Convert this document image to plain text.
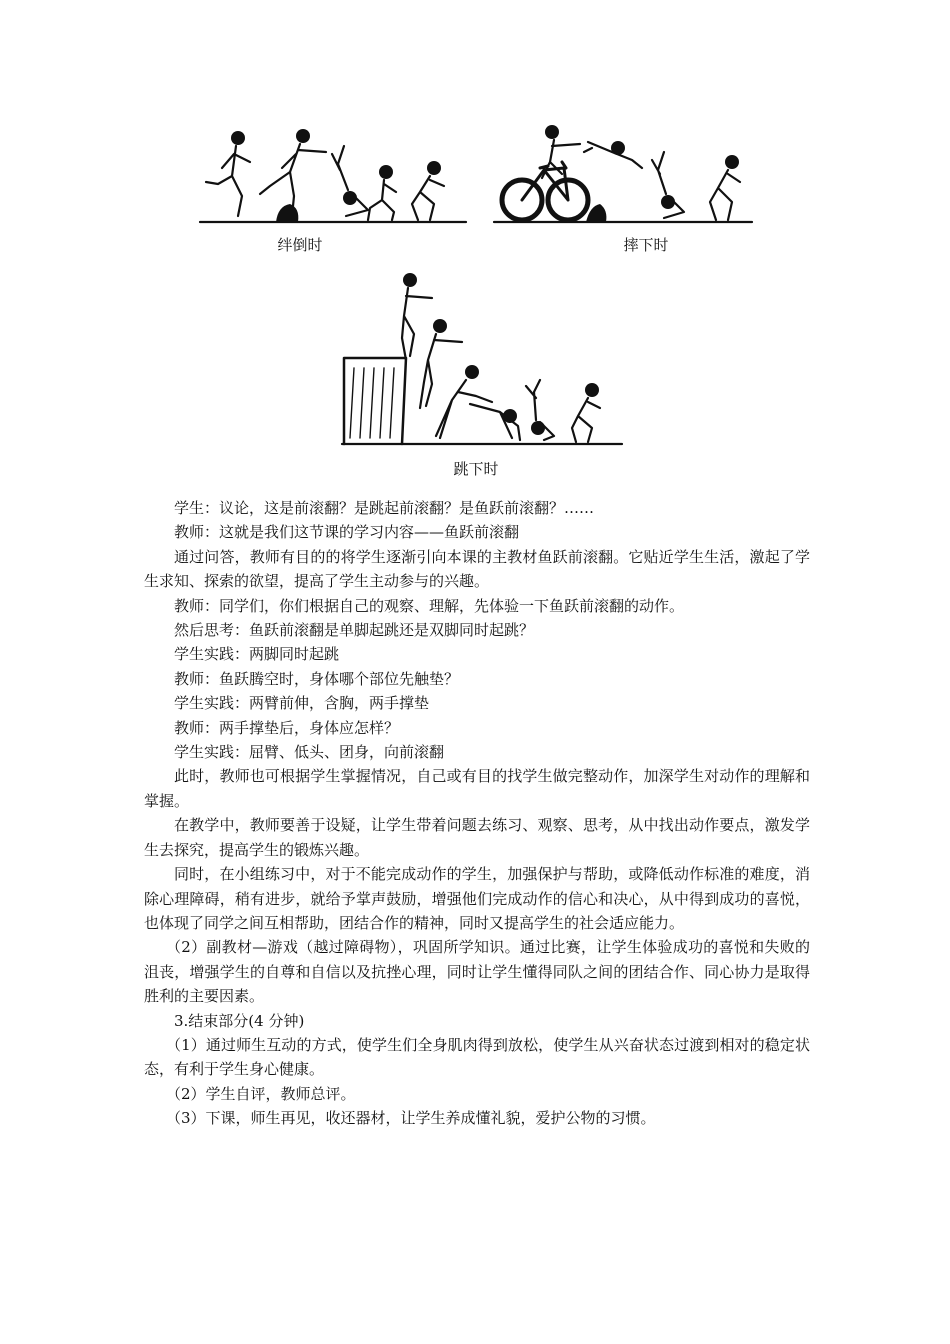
绊倒时	摔下时
跳下时

学生：议论，这是前滚翻？是跳起前滚翻？是鱼跃前滚翻？……

教师：这就是我们这节课的学习内容——鱼跃前滚翻

通过问答，教师有目的的将学生逐渐引向本课的主教材鱼跃前滚翻。它贴近学生生活，激起了学生求知、探索的欲望，提高了学生主动参与的兴趣。

教师：同学们，你们根据自己的观察、理解，先体验一下鱼跃前滚翻的动作。

然后思考：鱼跃前滚翻是单脚起跳还是双脚同时起跳？

学生实践：两脚同时起跳

教师：鱼跃腾空时，身体哪个部位先触垫？

学生实践：两臂前伸，含胸，两手撑垫

教师：两手撑垫后，身体应怎样？

学生实践：屈臂、低头、团身，向前滚翻

此时，教师也可根据学生掌握情况，自己或有目的找学生做完整动作，加深学生对动作的理解和掌握。

在教学中，教师要善于设疑，让学生带着问题去练习、观察、思考，从中找出动作要点，激发学生去探究，提高学生的锻炼兴趣。

同时，在小组练习中，对于不能完成动作的学生，加强保护与帮助，或降低动作标准的难度，消除心理障碍，稍有进步，就给予掌声鼓励，增强他们完成动作的信心和决心，从中得到成功的喜悦，也体现了同学之间互相帮助，团结合作的精神，同时又提高学生的社会适应能力。

（2）副教材—游戏（越过障碍物），巩固所学知识。通过比赛，让学生体验成功的喜悦和失败的沮丧，增强学生的自尊和自信以及抗挫心理，同时让学生懂得同队之间的团结合作、同心协力是取得胜利的主要因素。

3.结束部分(4 分钟)

（1）通过师生互动的方式，使学生们全身肌肉得到放松，使学生从兴奋状态过渡到相对的稳定状态，有利于学生身心健康。

（2）学生自评，教师总评。

（3）下课，师生再见，收还器材，让学生养成懂礼貌，爱护公物的习惯。
